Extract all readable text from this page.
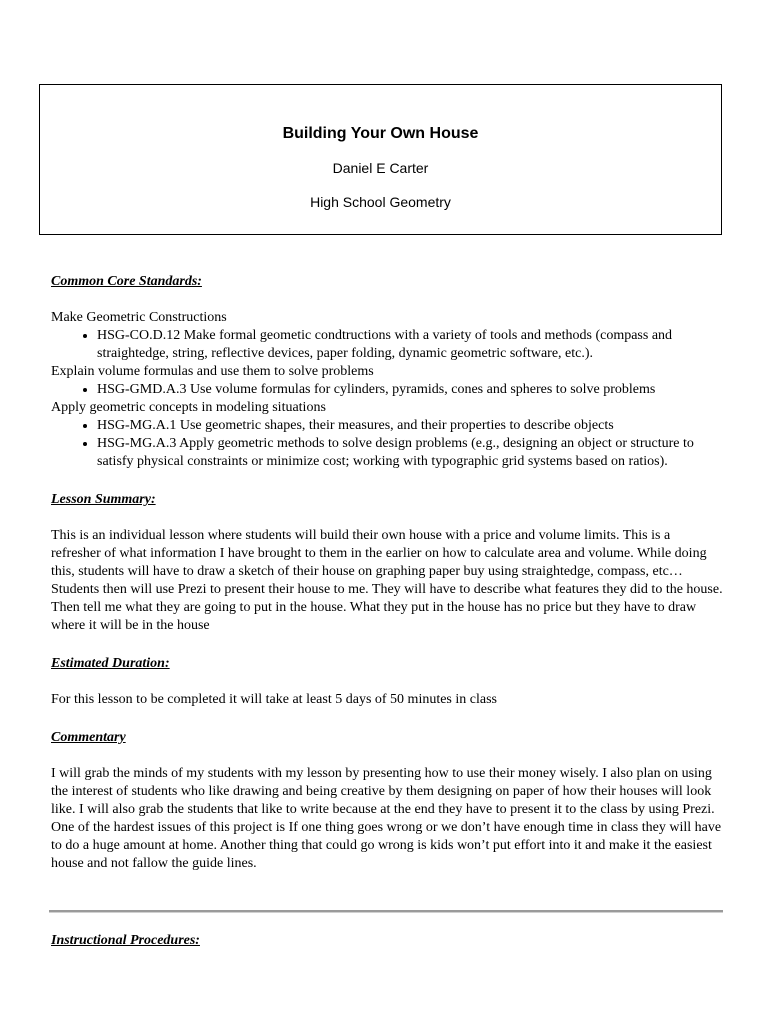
Building Your Own House
Daniel E Carter
High School Geometry

Common Core Standards:

Make Geometric Constructions

• HSG-CO.D.12 Make formal geometic condtructions with a variety of tools and methods (compass and straightedge, string, reflective devices, paper folding, dynamic geometric software, etc.).

Explain volume formulas and use them to solve problems

• HSG-GMD.A.3 Use volume formulas for cylinders, pyramids, cones and spheres to solve problems

Apply geometric concepts in modeling situations

• HSG-MG.A.1 Use geometric shapes, their measures, and their properties to describe objects
• HSG-MG.A.3 Apply geometric methods to solve design problems (e.g., designing an object or structure to satisfy physical constraints or minimize cost; working with typographic grid systems based on ratios).

Lesson Summary:

This is an individual lesson where students will build their own house with a price and volume limits. This is a refresher of what information I have brought to them in the earlier on how to calculate area and volume. While doing this, students will have to draw a sketch of their house on graphing paper buy using straightedge, compass, etc… Students then will use Prezi to present their house to me. They will have to describe what features they did to the house. Then tell me what they are going to put in the house. What they put in the house has no price but they have to draw where it will be in the house

Estimated Duration:

For this lesson to be completed it will take at least 5 days of 50 minutes in class

Commentary

I will grab the minds of my students with my lesson by presenting how to use their money wisely. I also plan on using the interest of students who like drawing and being creative by them designing on paper of how their houses will look like. I will also grab the students that like to write because at the end they have to present it to the class by using Prezi. One of the hardest issues of this project is If one thing goes wrong or we don’t have enough time in class they will have to do a huge amount at home. Another thing that could go wrong is kids won’t put effort into it and make it the easiest house and not fallow the guide lines.

Instructional Procedures:
